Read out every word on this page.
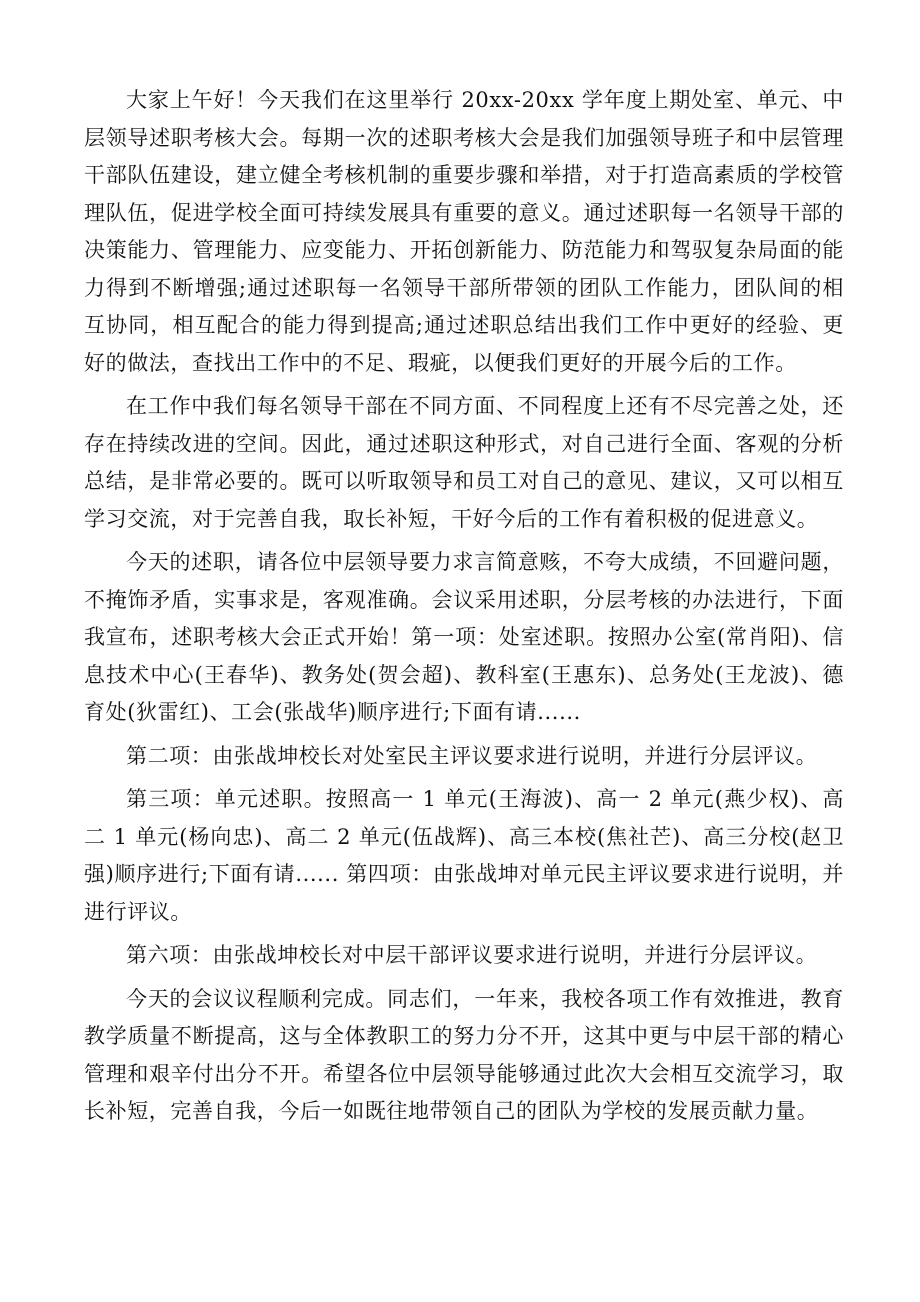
大家上午好！今天我们在这里举行 20xx-20xx 学年度上期处室、单元、中层领导述职考核大会。每期一次的述职考核大会是我们加强领导班子和中层管理干部队伍建设，建立健全考核机制的重要步骤和举措，对于打造高素质的学校管理队伍，促进学校全面可持续发展具有重要的意义。通过述职每一名领导干部的决策能力、管理能力、应变能力、开拓创新能力、防范能力和驾驭复杂局面的能力得到不断增强;通过述职每一名领导干部所带领的团队工作能力，团队间的相互协同，相互配合的能力得到提高;通过述职总结出我们工作中更好的经验、更好的做法，查找出工作中的不足、瑕疵，以便我们更好的开展今后的工作。

在工作中我们每名领导干部在不同方面、不同程度上还有不尽完善之处，还存在持续改进的空间。因此，通过述职这种形式，对自己进行全面、客观的分析总结，是非常必要的。既可以听取领导和员工对自己的意见、建议，又可以相互学习交流，对于完善自我，取长补短，干好今后的工作有着积极的促进意义。

今天的述职，请各位中层领导要力求言简意赅，不夸大成绩，不回避问题，不掩饰矛盾，实事求是，客观准确。会议采用述职，分层考核的办法进行，下面我宣布，述职考核大会正式开始！第一项：处室述职。按照办公室(常肖阳)、信息技术中心(王春华)、教务处(贺会超)、教科室(王惠东)、总务处(王龙波)、德育处(狄雷红)、工会(张战华)顺序进行;下面有请......

第二项：由张战坤校长对处室民主评议要求进行说明，并进行分层评议。

第三项：单元述职。按照高一 1 单元(王海波)、高一 2 单元(燕少权)、高二 1 单元(杨向忠)、高二 2 单元(伍战辉)、高三本校(焦社芒)、高三分校(赵卫强)顺序进行;下面有请...... 第四项：由张战坤对单元民主评议要求进行说明，并进行评议。

第六项：由张战坤校长对中层干部评议要求进行说明，并进行分层评议。

今天的会议议程顺利完成。同志们，一年来，我校各项工作有效推进，教育教学质量不断提高，这与全体教职工的努力分不开，这其中更与中层干部的精心管理和艰辛付出分不开。希望各位中层领导能够通过此次大会相互交流学习，取长补短，完善自我，今后一如既往地带领自己的团队为学校的发展贡献力量。
